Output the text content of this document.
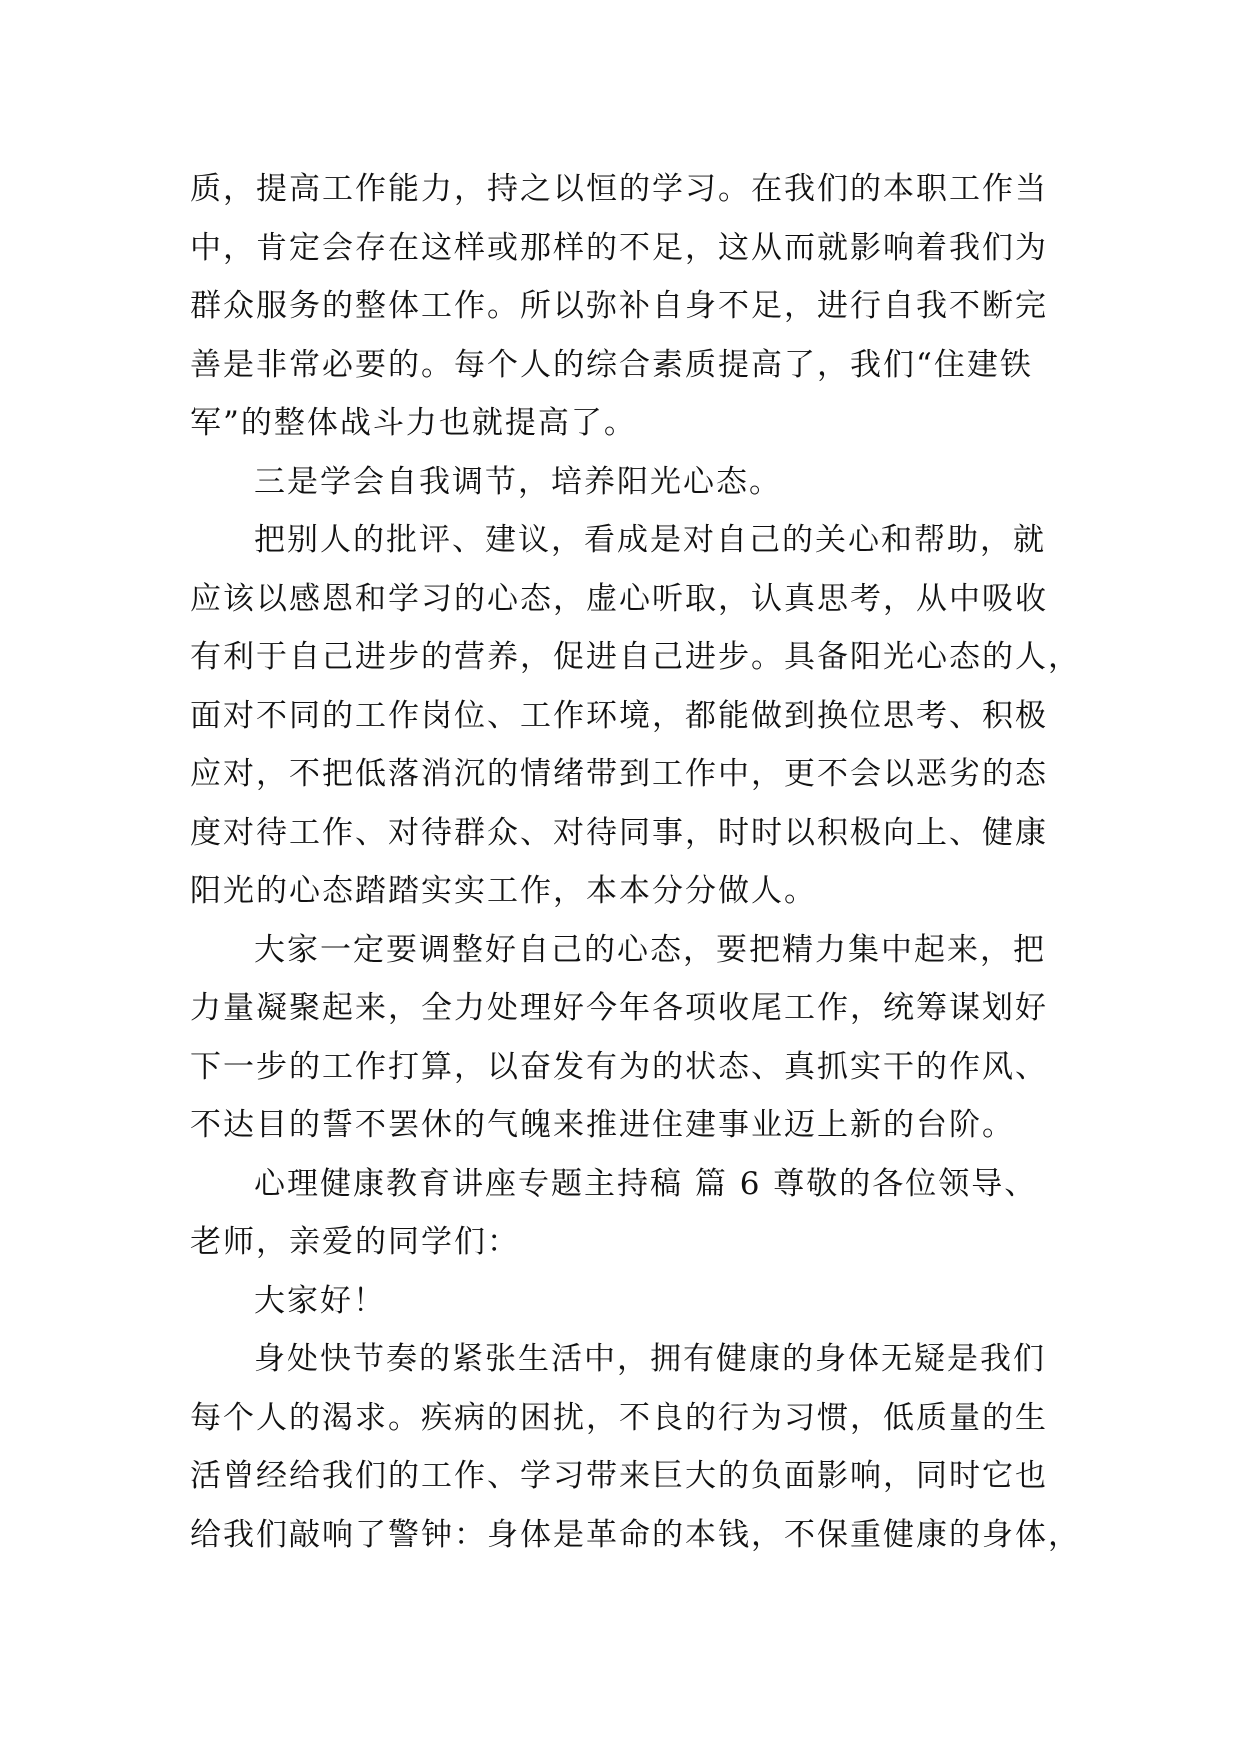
质，提高工作能力，持之以恒的学习。在我们的本职工作当

中，肯定会存在这样或那样的不足，这从而就影响着我们为

群众服务的整体工作。所以弥补自身不足，进行自我不断完

善是非常必要的。每个人的综合素质提高了，我们“住建铁

军”的整体战斗力也就提高了。

三是学会自我调节，培养阳光心态。

把别人的批评、建议，看成是对自己的关心和帮助，就

应该以感恩和学习的心态，虚心听取，认真思考，从中吸收

有利于自己进步的营养，促进自己进步。具备阳光心态的人，

面对不同的工作岗位、工作环境，都能做到换位思考、积极

应对，不把低落消沉的情绪带到工作中，更不会以恶劣的态

度对待工作、对待群众、对待同事，时时以积极向上、健康

阳光的心态踏踏实实工作，本本分分做人。

大家一定要调整好自己的心态，要把精力集中起来，把

力量凝聚起来，全力处理好今年各项收尾工作，统筹谋划好

下一步的工作打算，以奋发有为的状态、真抓实干的作风、

不达目的誓不罢休的气魄来推进住建事业迈上新的台阶。

心理健康教育讲座专题主持稿 篇 6 尊敬的各位领导、

老师，亲爱的同学们：

大家好！

身处快节奏的紧张生活中，拥有健康的身体无疑是我们

每个人的渴求。疾病的困扰，不良的行为习惯，低质量的生

活曾经给我们的工作、学习带来巨大的负面影响，同时它也

给我们敲响了警钟：身体是革命的本钱，不保重健康的身体，
